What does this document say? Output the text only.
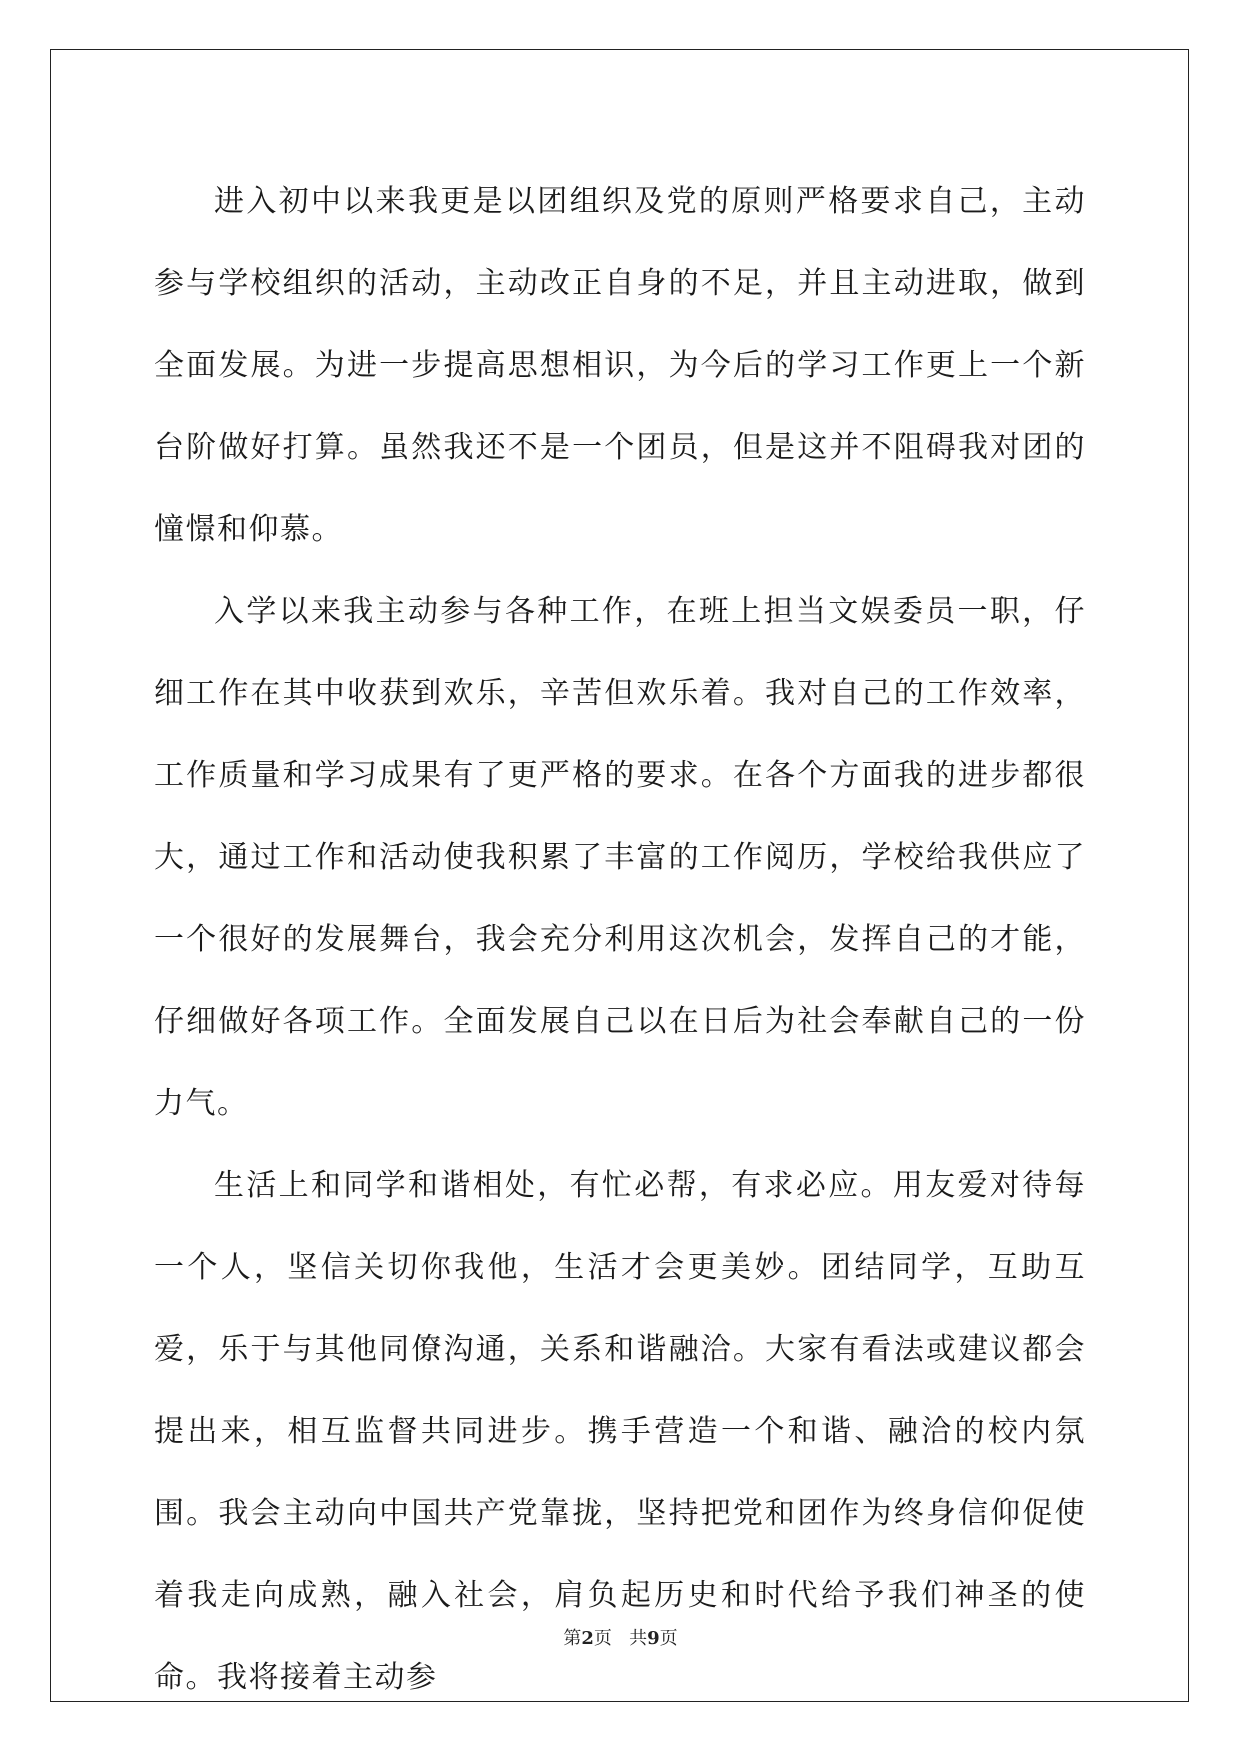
进入初中以来我更是以团组织及党的原则严格要求自己，主动参与学校组织的活动，主动改正自身的不足，并且主动进取，做到全面发展。为进一步提高思想相识，为今后的学习工作更上一个新台阶做好打算。虽然我还不是一个团员，但是这并不阻碍我对团的憧憬和仰慕。

入学以来我主动参与各种工作，在班上担当文娱委员一职，仔细工作在其中收获到欢乐，辛苦但欢乐着。我对自己的工作效率，工作质量和学习成果有了更严格的要求。在各个方面我的进步都很大，通过工作和活动使我积累了丰富的工作阅历，学校给我供应了一个很好的发展舞台，我会充分利用这次机会，发挥自己的才能，仔细做好各项工作。全面发展自己以在日后为社会奉献自己的一份力气。

生活上和同学和谐相处，有忙必帮，有求必应。用友爱对待每一个人，坚信关切你我他，生活才会更美妙。团结同学，互助互爱，乐于与其他同僚沟通，关系和谐融洽。大家有看法或建议都会提出来，相互监督共同进步。携手营造一个和谐、融洽的校内氛围。我会主动向中国共产党靠拢，坚持把党和团作为终身信仰促使着我走向成熟，融入社会，肩负起历史和时代给予我们神圣的使命。我将接着主动参

第2页 共9页
